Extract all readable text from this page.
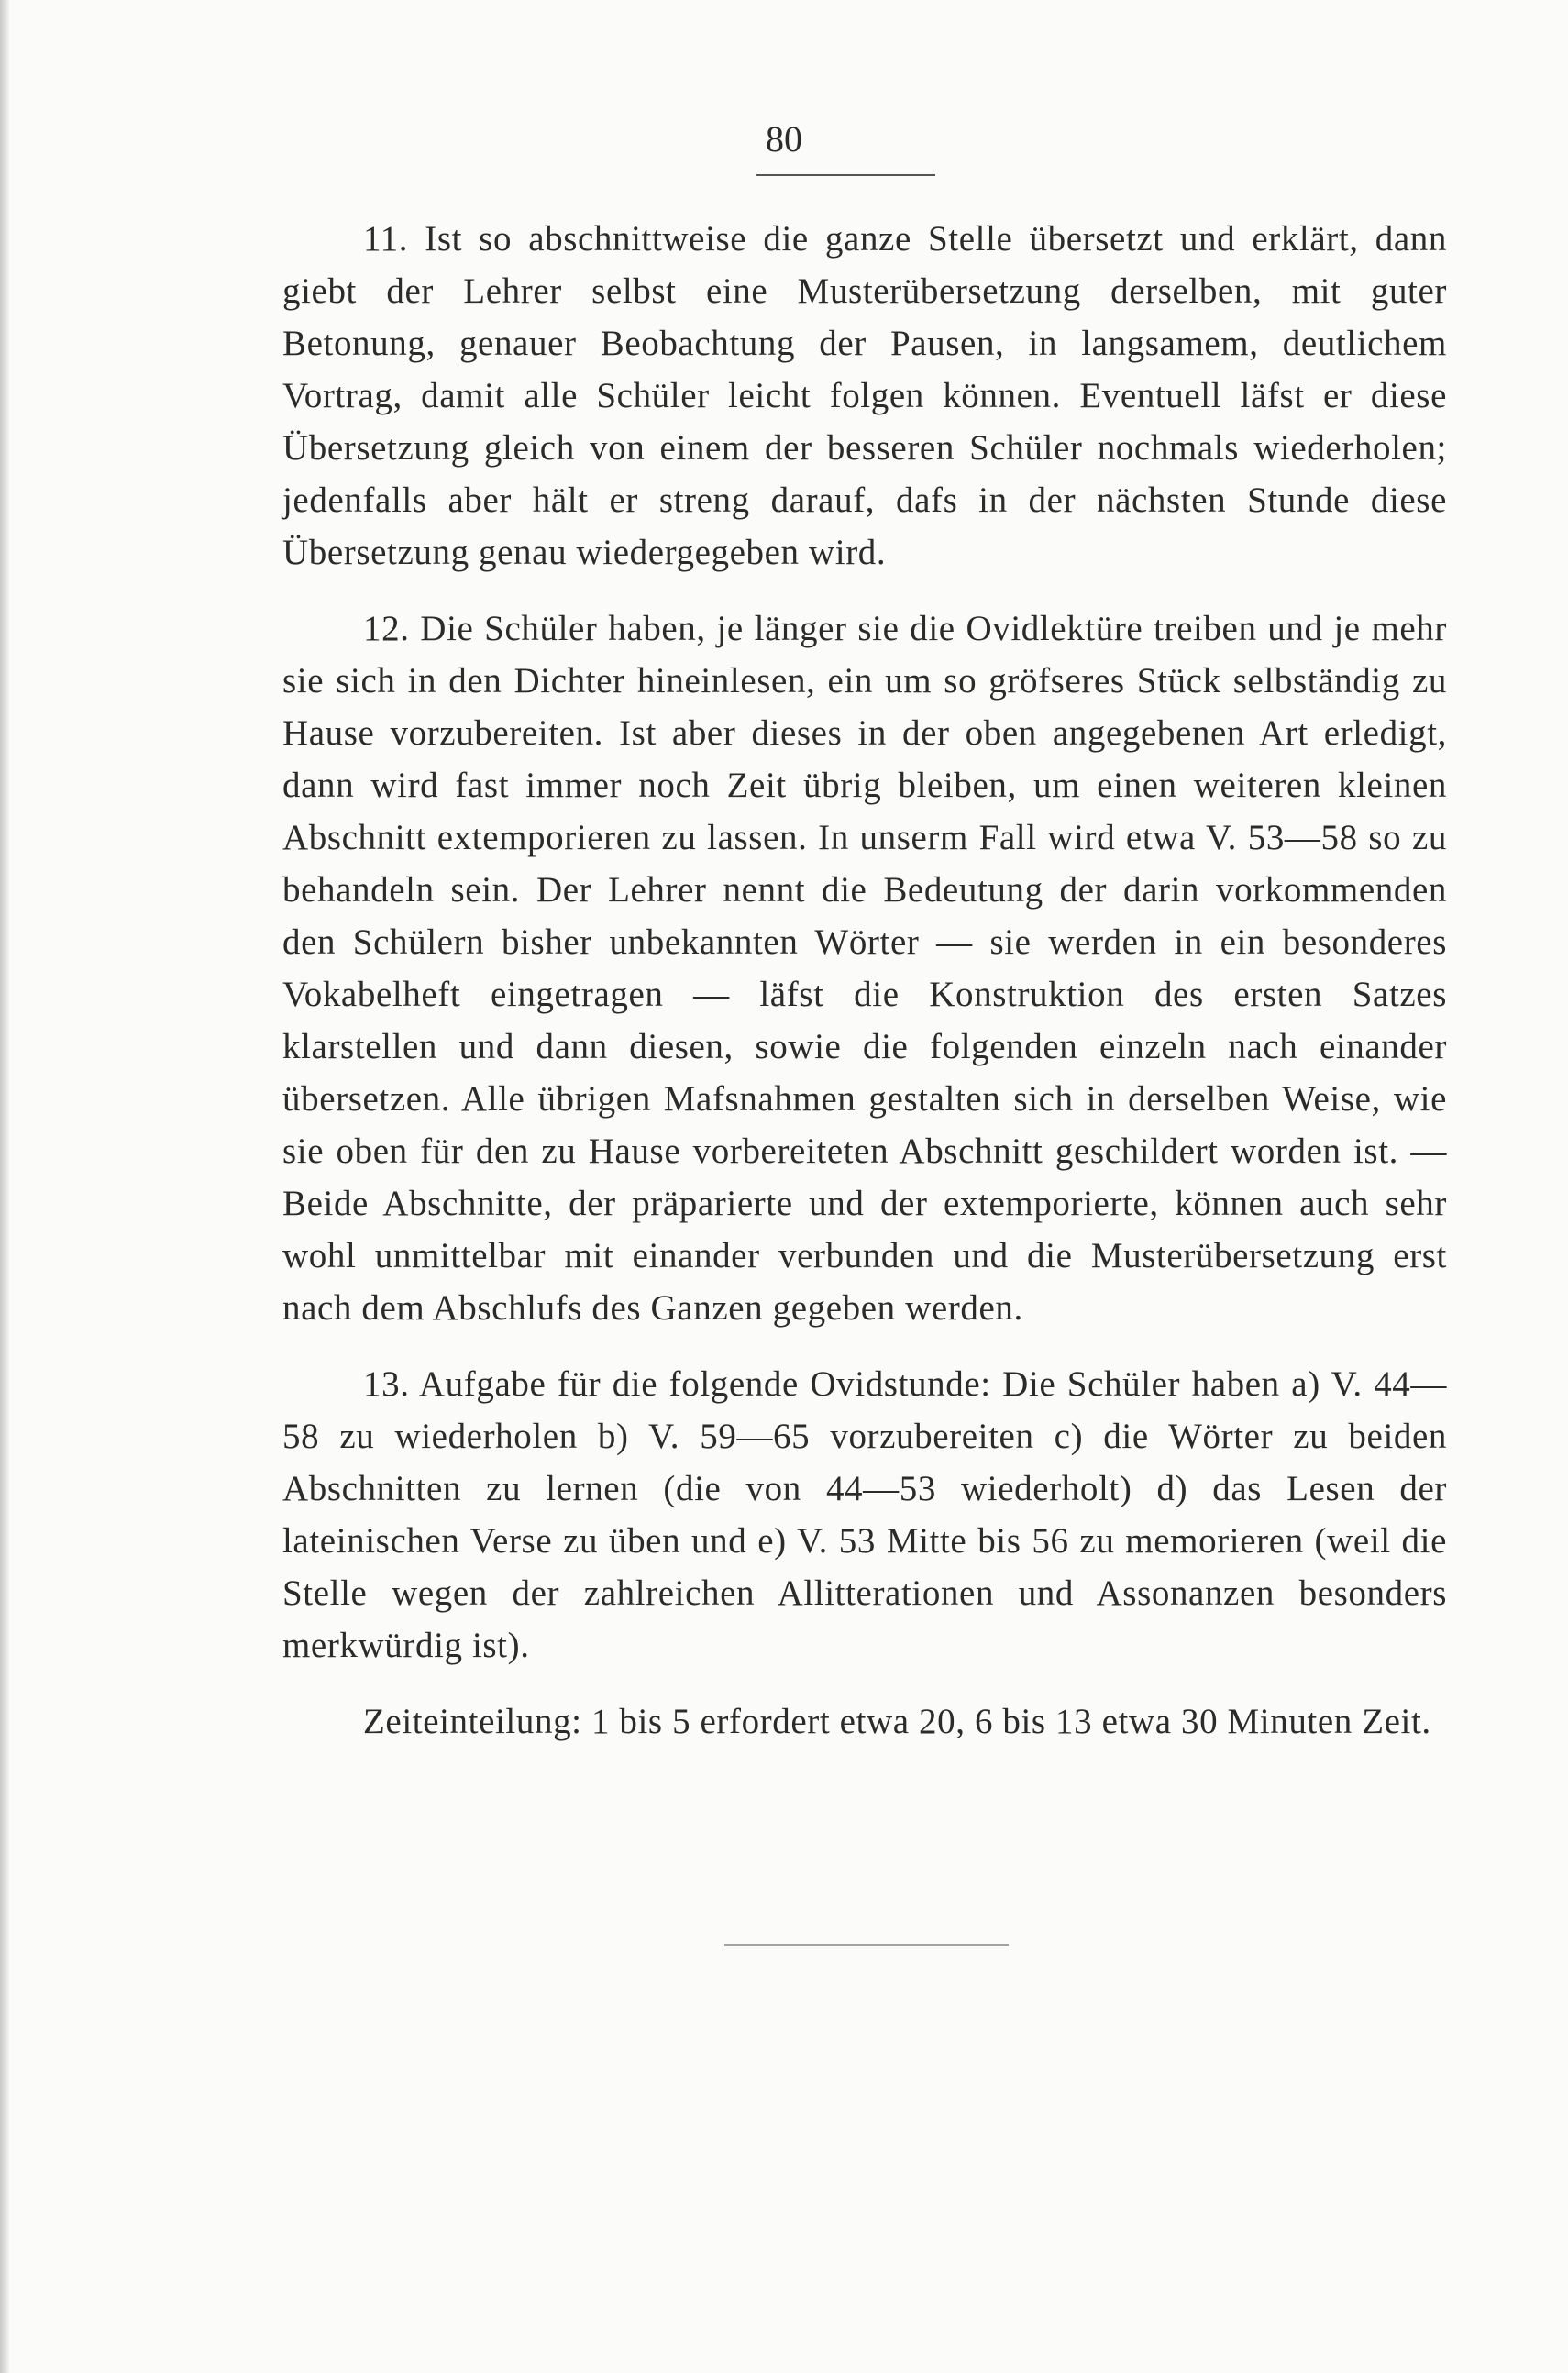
80

11. Ist so abschnittweise die ganze Stelle übersetzt und erklärt, dann giebt der Lehrer selbst eine Musterübersetzung derselben, mit guter Betonung, genauer Beobachtung der Pausen, in langsamem, deutlichem Vortrag, damit alle Schüler leicht folgen können. Eventuell läfst er diese Übersetzung gleich von einem der besseren Schüler nochmals wiederholen; jedenfalls aber hält er streng darauf, dafs in der nächsten Stunde diese Übersetzung genau wiedergegeben wird.

12. Die Schüler haben, je länger sie die Ovidlektüre treiben und je mehr sie sich in den Dichter hineinlesen, ein um so gröfseres Stück selbständig zu Hause vorzubereiten. Ist aber dieses in der oben angegebenen Art erledigt, dann wird fast immer noch Zeit übrig bleiben, um einen weiteren kleinen Abschnitt extemporieren zu lassen. In unserm Fall wird etwa V. 53—58 so zu behandeln sein. Der Lehrer nennt die Bedeutung der darin vorkommenden den Schülern bisher unbekannten Wörter — sie werden in ein besonderes Vokabelheft eingetragen — läfst die Konstruktion des ersten Satzes klarstellen und dann diesen, sowie die folgenden einzeln nach einander übersetzen. Alle übrigen Mafsnahmen gestalten sich in derselben Weise, wie sie oben für den zu Hause vorbereiteten Abschnitt geschildert worden ist. — Beide Abschnitte, der präparierte und der extemporierte, können auch sehr wohl unmittelbar mit einander verbunden und die Musterübersetzung erst nach dem Abschlufs des Ganzen gegeben werden.

13. Aufgabe für die folgende Ovidstunde: Die Schüler haben a) V. 44—58 zu wiederholen b) V. 59—65 vorzubereiten c) die Wörter zu beiden Abschnitten zu lernen (die von 44—53 wiederholt) d) das Lesen der lateinischen Verse zu üben und e) V. 53 Mitte bis 56 zu memorieren (weil die Stelle wegen der zahlreichen Allitterationen und Assonanzen besonders merkwürdig ist).

Zeiteinteilung: 1 bis 5 erfordert etwa 20, 6 bis 13 etwa 30 Minuten Zeit.
